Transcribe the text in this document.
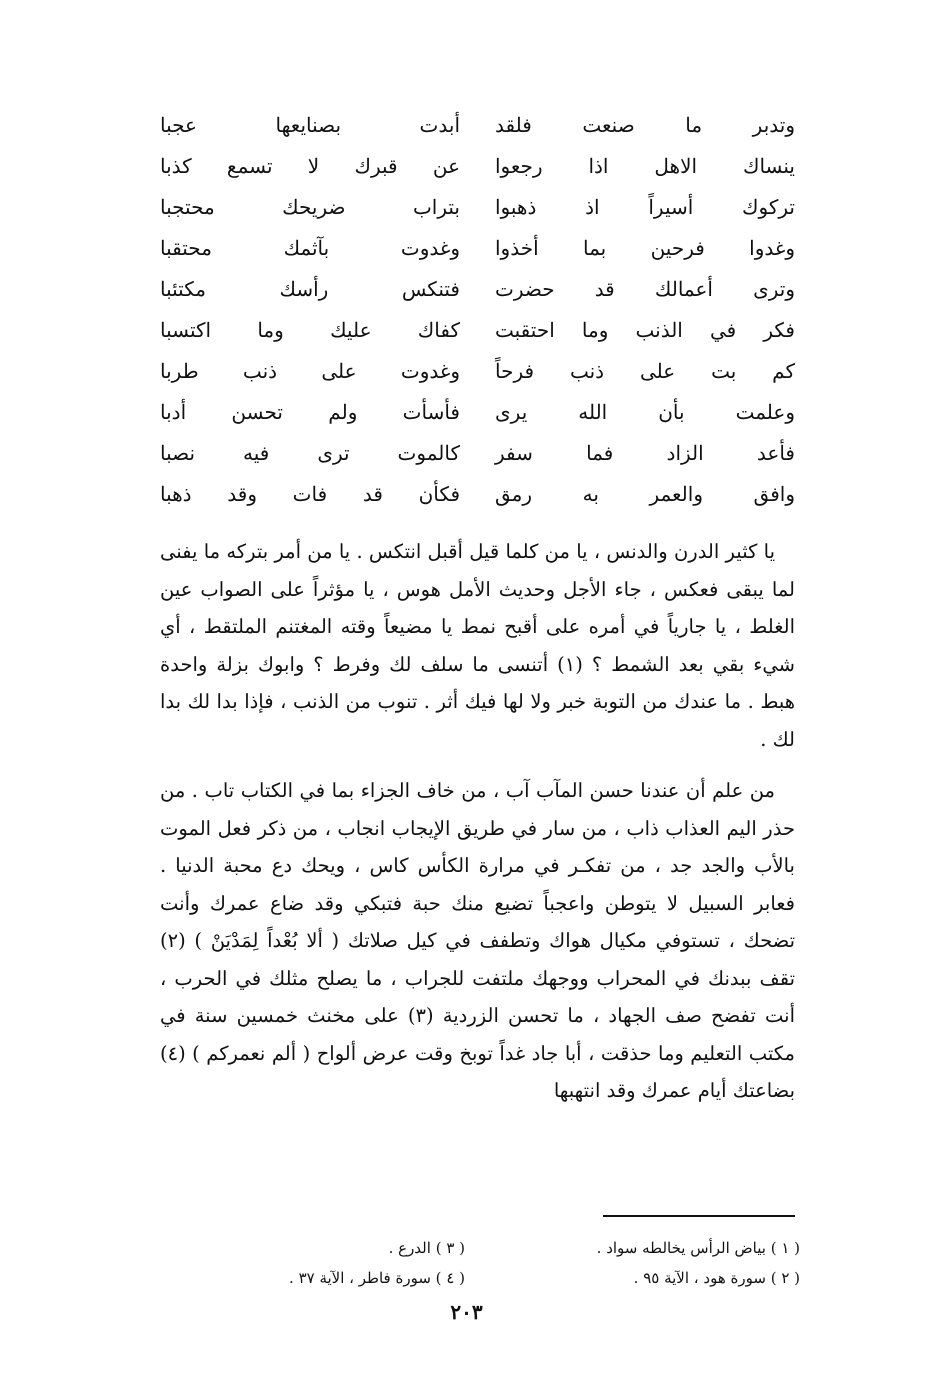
وتدبر ما صنعت فلقد
أبدت بصنايعها عجبا
ينساك الاهل اذا رجعوا
عن قبرك لا تسمع كذبا
تركوك أسيراً اذ ذهبوا
بتراب ضريحك محتجبا
وغدوا فرحين بما أخذوا
وغدوت بآثمك محتقبا
وترى أعمالك قد حضرت
فتنكس رأسك مكتئبا
فكر في الذنب وما احتقبت
كفاك عليك وما اكتسبا
كم بت على ذنب فرحاً
وغدوت على ذنب طربا
وعلمت بأن الله يرى
فأسأت ولم تحسن أدبا
فأعد الزاد فما سفر
كالموت ترى فيه نصبا
وافق والعمر به رمق
فكأن قد فات وقد ذهبا

يا كثير الدرن والدنس ، يا من كلما قيل أقبل انتكس . يا من أمر بتركه ما يفنى لما يبقى فعكس ، جاء الأجل وحديث الأمل هوس ، يا مؤثراً على الصواب عين الغلط ، يا جارياً في أمره على أقبح نمط يا مضيعاً وقته المغتنم الملتقط ، أي شيء بقي بعد الشمط ؟ (١) أتنسى ما سلف لك وفرط ؟ وابوك بزلة واحدة هبط . ما عندك من التوبة خبر ولا لها فيك أثر . تنوب من الذنب ، فإذا بدا لك بدا لك .

من علم أن عندنا حسن المآب آب ، من خاف الجزاء بما في الكتاب تاب . من حذر اليم العذاب ذاب ، من سار في طريق الإيجاب انجاب ، من ذكر فعل الموت بالأب والجد جد ، من تفكـر في مرارة الكأس كاس ، ويحك دع محبة الدنيا . فعابر السبيل لا يتوطن واعجباً تضيع منك حبة فتبكي وقد ضاع عمرك وأنت تضحك ، تستوفي مكيال هواك وتطفف في كيل صلاتك ( ألا بُعْداً لِمَدْيَنْ ) (٢) تقف ببدنك في المحراب ووجهك ملتفت للجراب ، ما يصلح مثلك في الحرب ، أنت تفضح صف الجهاد ، ما تحسن الزردية (٣) على مخنث خمسين سنة في مكتب التعليم وما حذقت ، أبا جاد غداً توبخ وقت عرض ألواح ( ألم نعمركم ) (٤) بضاعتك أيام عمرك وقد انتهبها

( ١ ) بياض الرأس يخالطه سواد .
( ٣ ) الدرع .
( ٢ ) سورة هود ، الآية ٩٥ .
( ٤ ) سورة فاطر ، الآية ٣٧ .
٢٠٣
